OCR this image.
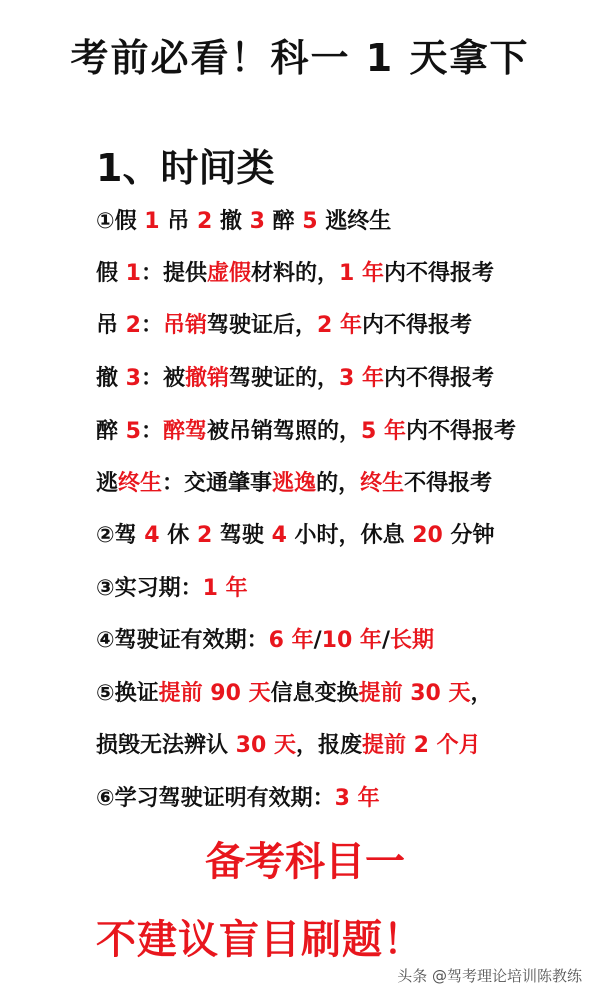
考前必看！科一 1 天拿下
1、时间类
①假 1 吊 2 撤 3 醉 5 逃终生
假 1：提供虚假材料的，1 年内不得报考
吊 2：吊销驾驶证后，2 年内不得报考
撤 3：被撤销驾驶证的，3 年内不得报考
醉 5：醉驾被吊销驾照的，5 年内不得报考
逃终生：交通肇事逃逸的，终生不得报考
②驾 4 休 2 驾驶 4 小时，休息 20 分钟
③实习期：1 年
④驾驶证有效期：6 年/10 年/长期
⑤换证提前 90 天信息变换提前 30 天，
损毁无法辨认 30 天，报废提前 2 个月
⑥学习驾驶证明有效期：3 年
备考科目一
不建议盲目刷题！
头条 @驾考理论培训陈教练
